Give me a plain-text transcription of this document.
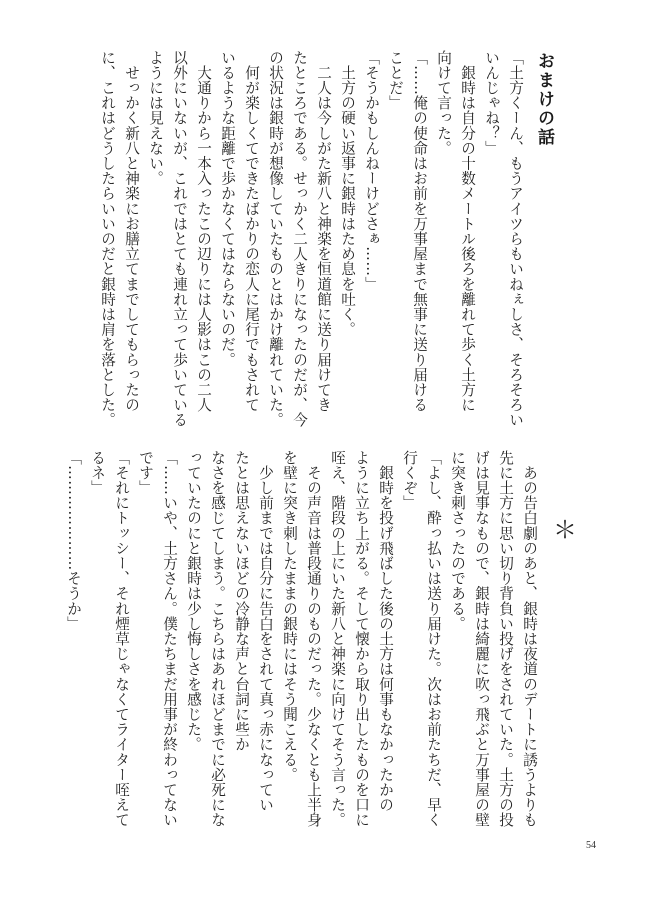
おまけの話
「土方くーん、もうアイツらもいねぇしさ、そろそろい
いんじゃね？」
　銀時は自分の十数メートル後ろを離れて歩く土方に
向けて言った。
「……俺の使命はお前を万事屋まで無事に送り届ける
ことだ」
「そうかもしんねーけどさぁ……」
　土方の硬い返事に銀時はため息を吐く。
　二人は今しがた新八と神楽を恒道館に送り届けてき
たところである。せっかく二人きりになったのだが、今
の状況は銀時が想像していたものとはかけ離れていた。
　何が楽しくてできたばかりの恋人に尾行でもされて
いるような距離で歩かなくてはならないのだ。
　大通りから一本入ったこの辺りには人影はこの二人
以外にいないが、これではとても連れ立って歩いている
ようには見えない。
　せっかく新八と神楽にお膳立てまでしてもらったの
に、これはどうしたらいいのだと銀時は肩を落とした。
＊
　あの告白劇のあと、銀時は夜道のデートに誘うよりも
先に土方に思い切り背負い投げをされていた。土方の投
げは見事なもので、銀時は綺麗に吹っ飛ぶと万事屋の壁
に突き刺さったのである。
「よし、酔っ払いは送り届けた。次はお前たちだ、早く
行くぞ」
　銀時を投げ飛ばした後の土方は何事もなかったかの
ように立ち上がる。そして懐から取り出したものを口に
咥え、階段の上にいた新八と神楽に向けてそう言った。
　その声音は普段通りのものだった。少なくとも上半身
を壁に突き刺したままの銀時にはそう聞こえる。
　少し前までは自分に告白をされて真っ赤になってい
たとは思えないほどの冷静な声と台詞に些か
なさを感じてしまう。こちらはあれほどまでに必死にな
っていたのにと銀時は少し悔しさを感じた。
「……いや、土方さん。僕たちまだ用事が終わってない
です」
「それにトッシー、それ煙草じゃなくてライター咥えて
るネ」
「…………………そうか」
54
